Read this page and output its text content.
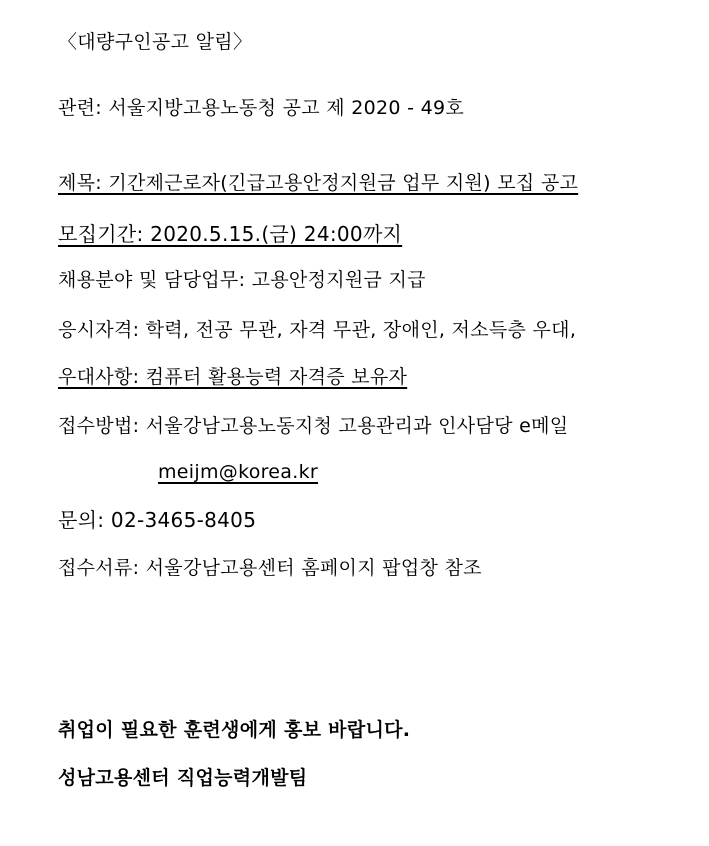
〈대량구인공고 알림〉
관련: 서울지방고용노동청 공고 제 2020 - 49호
제목: 기간제근로자(긴급고용안정지원금 업무 지원) 모집 공고
모집기간: 2020.5.15.(금) 24:00까지
채용분야 및 담당업무: 고용안정지원금 지급
응시자격: 학력, 전공 무관, 자격 무관, 장애인, 저소득층 우대,
우대사항: 컴퓨터 활용능력 자격증 보유자
접수방법: 서울강남고용노동지청 고용관리과 인사담당 e메일
meijm@korea.kr
문의: 02-3465-8405
접수서류: 서울강남고용센터 홈페이지 팝업창 참조
취업이 필요한 훈련생에게 홍보 바랍니다.
성남고용센터 직업능력개발팀
